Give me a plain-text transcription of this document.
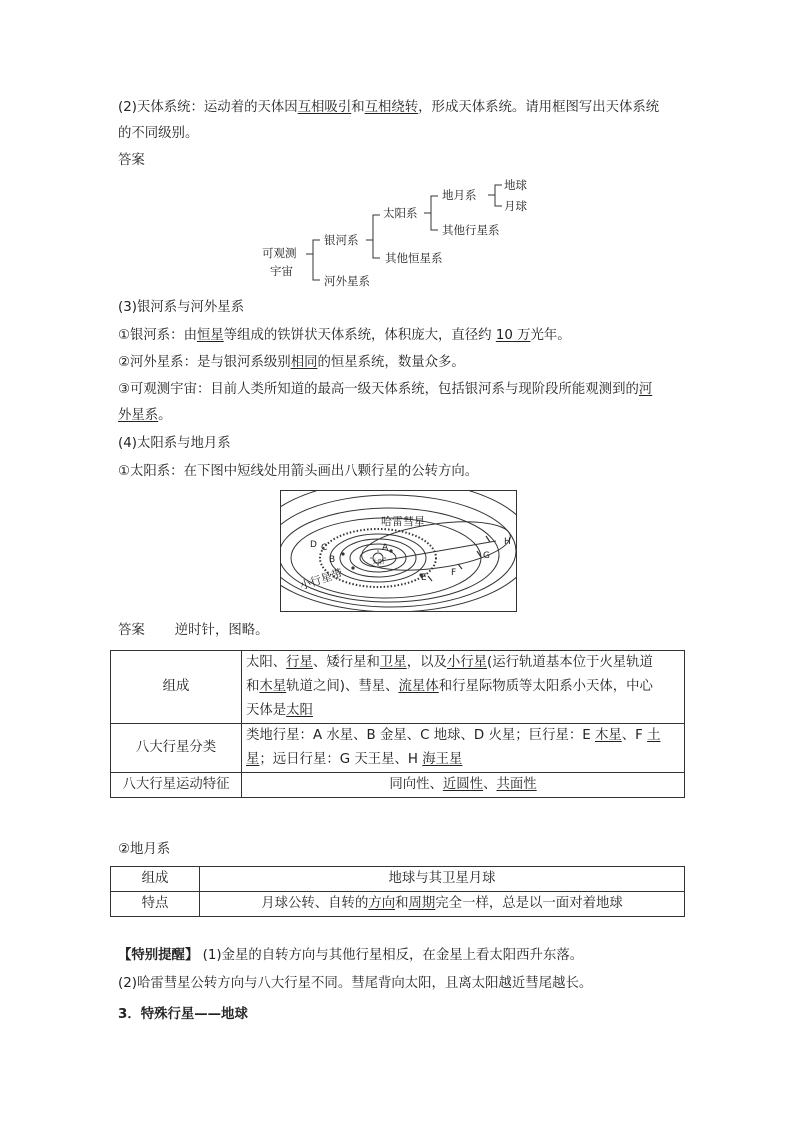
(2)天体系统：运动着的天体因互相吸引和互相绕转，形成天体系统。请用框图写出天体系统
的不同级别。
答案
可观测
宇宙
银河系
河外星系
太阳系
其他恒星系
地月系
其他行星系
地球
月球
(3)银河系与河外星系
①银河系：由恒星等组成的铁饼状天体系统，体积庞大，直径约 10 万光年。
②河外星系：是与银河系级别相同的恒星系统，数量众多。
③可观测宇宙：目前人类所知道的最高一级天体系统，包括银河系与现阶段所能观测到的河
外星系。
(4)太阳系与地月系
①太阳系：在下图中短线处用箭头画出八颗行星的公转方向。
哈雷彗星
小行星带
太阳
A
B
C
D
E	F
G
H
答案 逆时针，图略。
组成	太阳、行星、矮行星和卫星，以及小行星(运行轨道基本位于火星轨道
和木星轨道之间)、彗星、流星体和行星际物质等太阳系小天体，中心
天体是太阳

八大行星分类	类地行星：A 水星、B 金星、C 地球、D 火星；巨行星：E 木星、F 土
星；远日行星：G 天王星、H 海王星

八大行星运动特征	同向性、近圆性、共面性
②地月系
组成	地球与其卫星月球
特点	月球公转、自转的方向和周期完全一样，总是以一面对着地球
【特别提醒】 (1)金星的自转方向与其他行星相反，在金星上看太阳西升东落。
(2)哈雷彗星公转方向与八大行星不同。彗尾背向太阳，且离太阳越近彗尾越长。
3．特殊行星——地球
